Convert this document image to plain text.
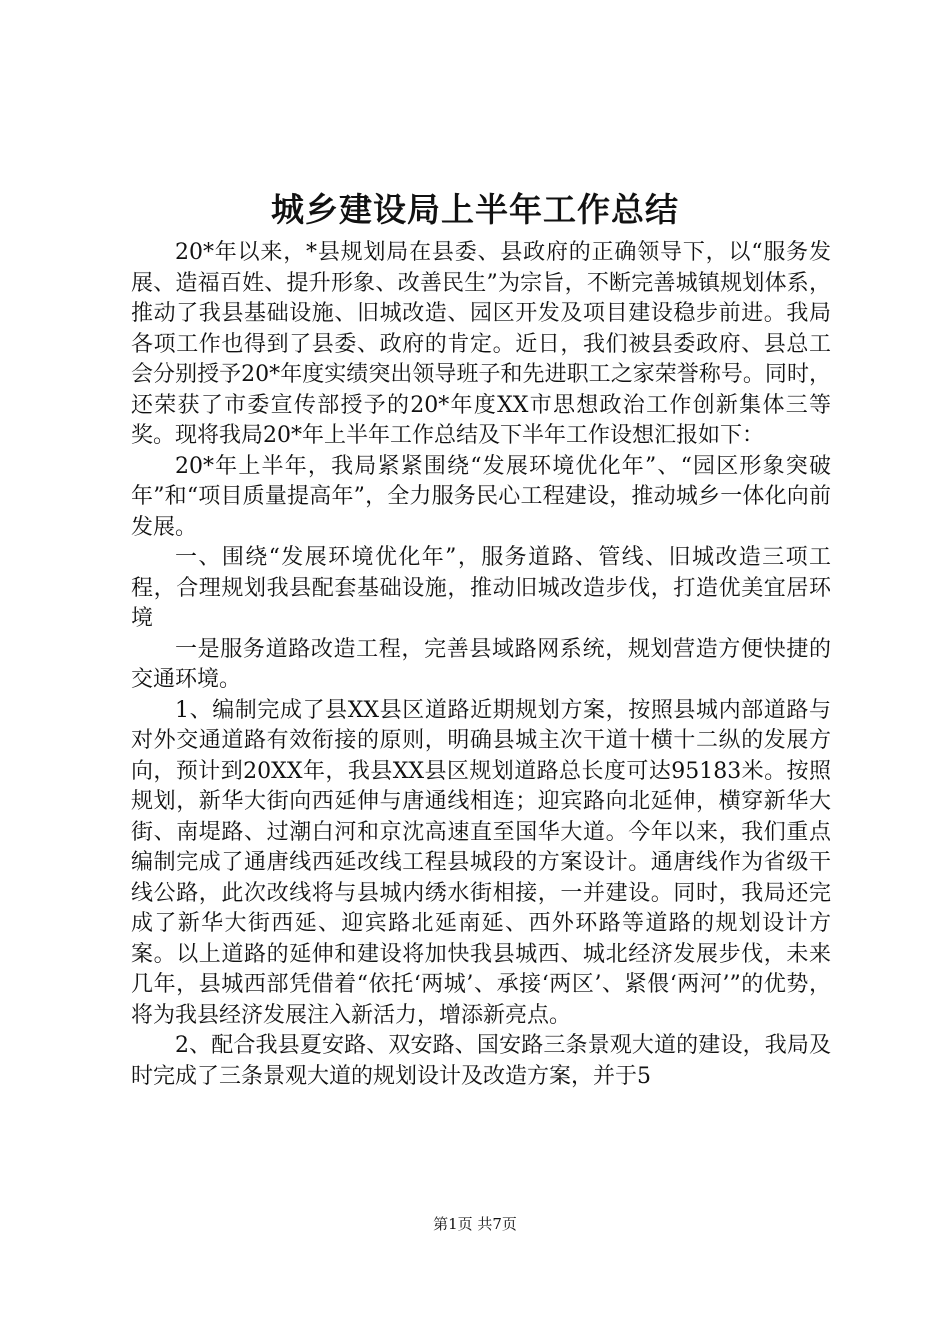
城乡建设局上半年工作总结

20*年以来，*县规划局在县委、县政府的正确领导下，以“服务发展、造福百姓、提升形象、改善民生”为宗旨，不断完善城镇规划体系，推动了我县基础设施、旧城改造、园区开发及项目建设稳步前进。我局各项工作也得到了县委、政府的肯定。近日，我们被县委政府、县总工会分别授予20*年度实绩突出领导班子和先进职工之家荣誉称号。同时，还荣获了市委宣传部授予的20*年度XX市思想政治工作创新集体三等奖。现将我局20*年上半年工作总结及下半年工作设想汇报如下：

20*年上半年，我局紧紧围绕“发展环境优化年”、“园区形象突破年”和“项目质量提高年”，全力服务民心工程建设，推动城乡一体化向前发展。

一、围绕“发展环境优化年”，服务道路、管线、旧城改造三项工程，合理规划我县配套基础设施，推动旧城改造步伐，打造优美宜居环境

一是服务道路改造工程，完善县域路网系统，规划营造方便快捷的交通环境。

1、编制完成了县XX县区道路近期规划方案，按照县城内部道路与对外交通道路有效衔接的原则，明确县城主次干道十横十二纵的发展方向，预计到20XX年，我县XX县区规划道路总长度可达95183米。按照规划，新华大街向西延伸与唐通线相连；迎宾路向北延伸，横穿新华大街、南堤路、过潮白河和京沈高速直至国华大道。今年以来，我们重点编制完成了通唐线西延改线工程县城段的方案设计。通唐线作为省级干线公路，此次改线将与县城内绣水街相接，一并建设。同时，我局还完成了新华大街西延、迎宾路北延南延、西外环路等道路的规划设计方案。以上道路的延伸和建设将加快我县城西、城北经济发展步伐，未来几年，县城西部凭借着“依托‘两城’、承接‘两区’、紧偎‘两河’”的优势，将为我县经济发展注入新活力，增添新亮点。

2、配合我县夏安路、双安路、国安路三条景观大道的建设，我局及时完成了三条景观大道的规划设计及改造方案，并于5

第1页 共7页
